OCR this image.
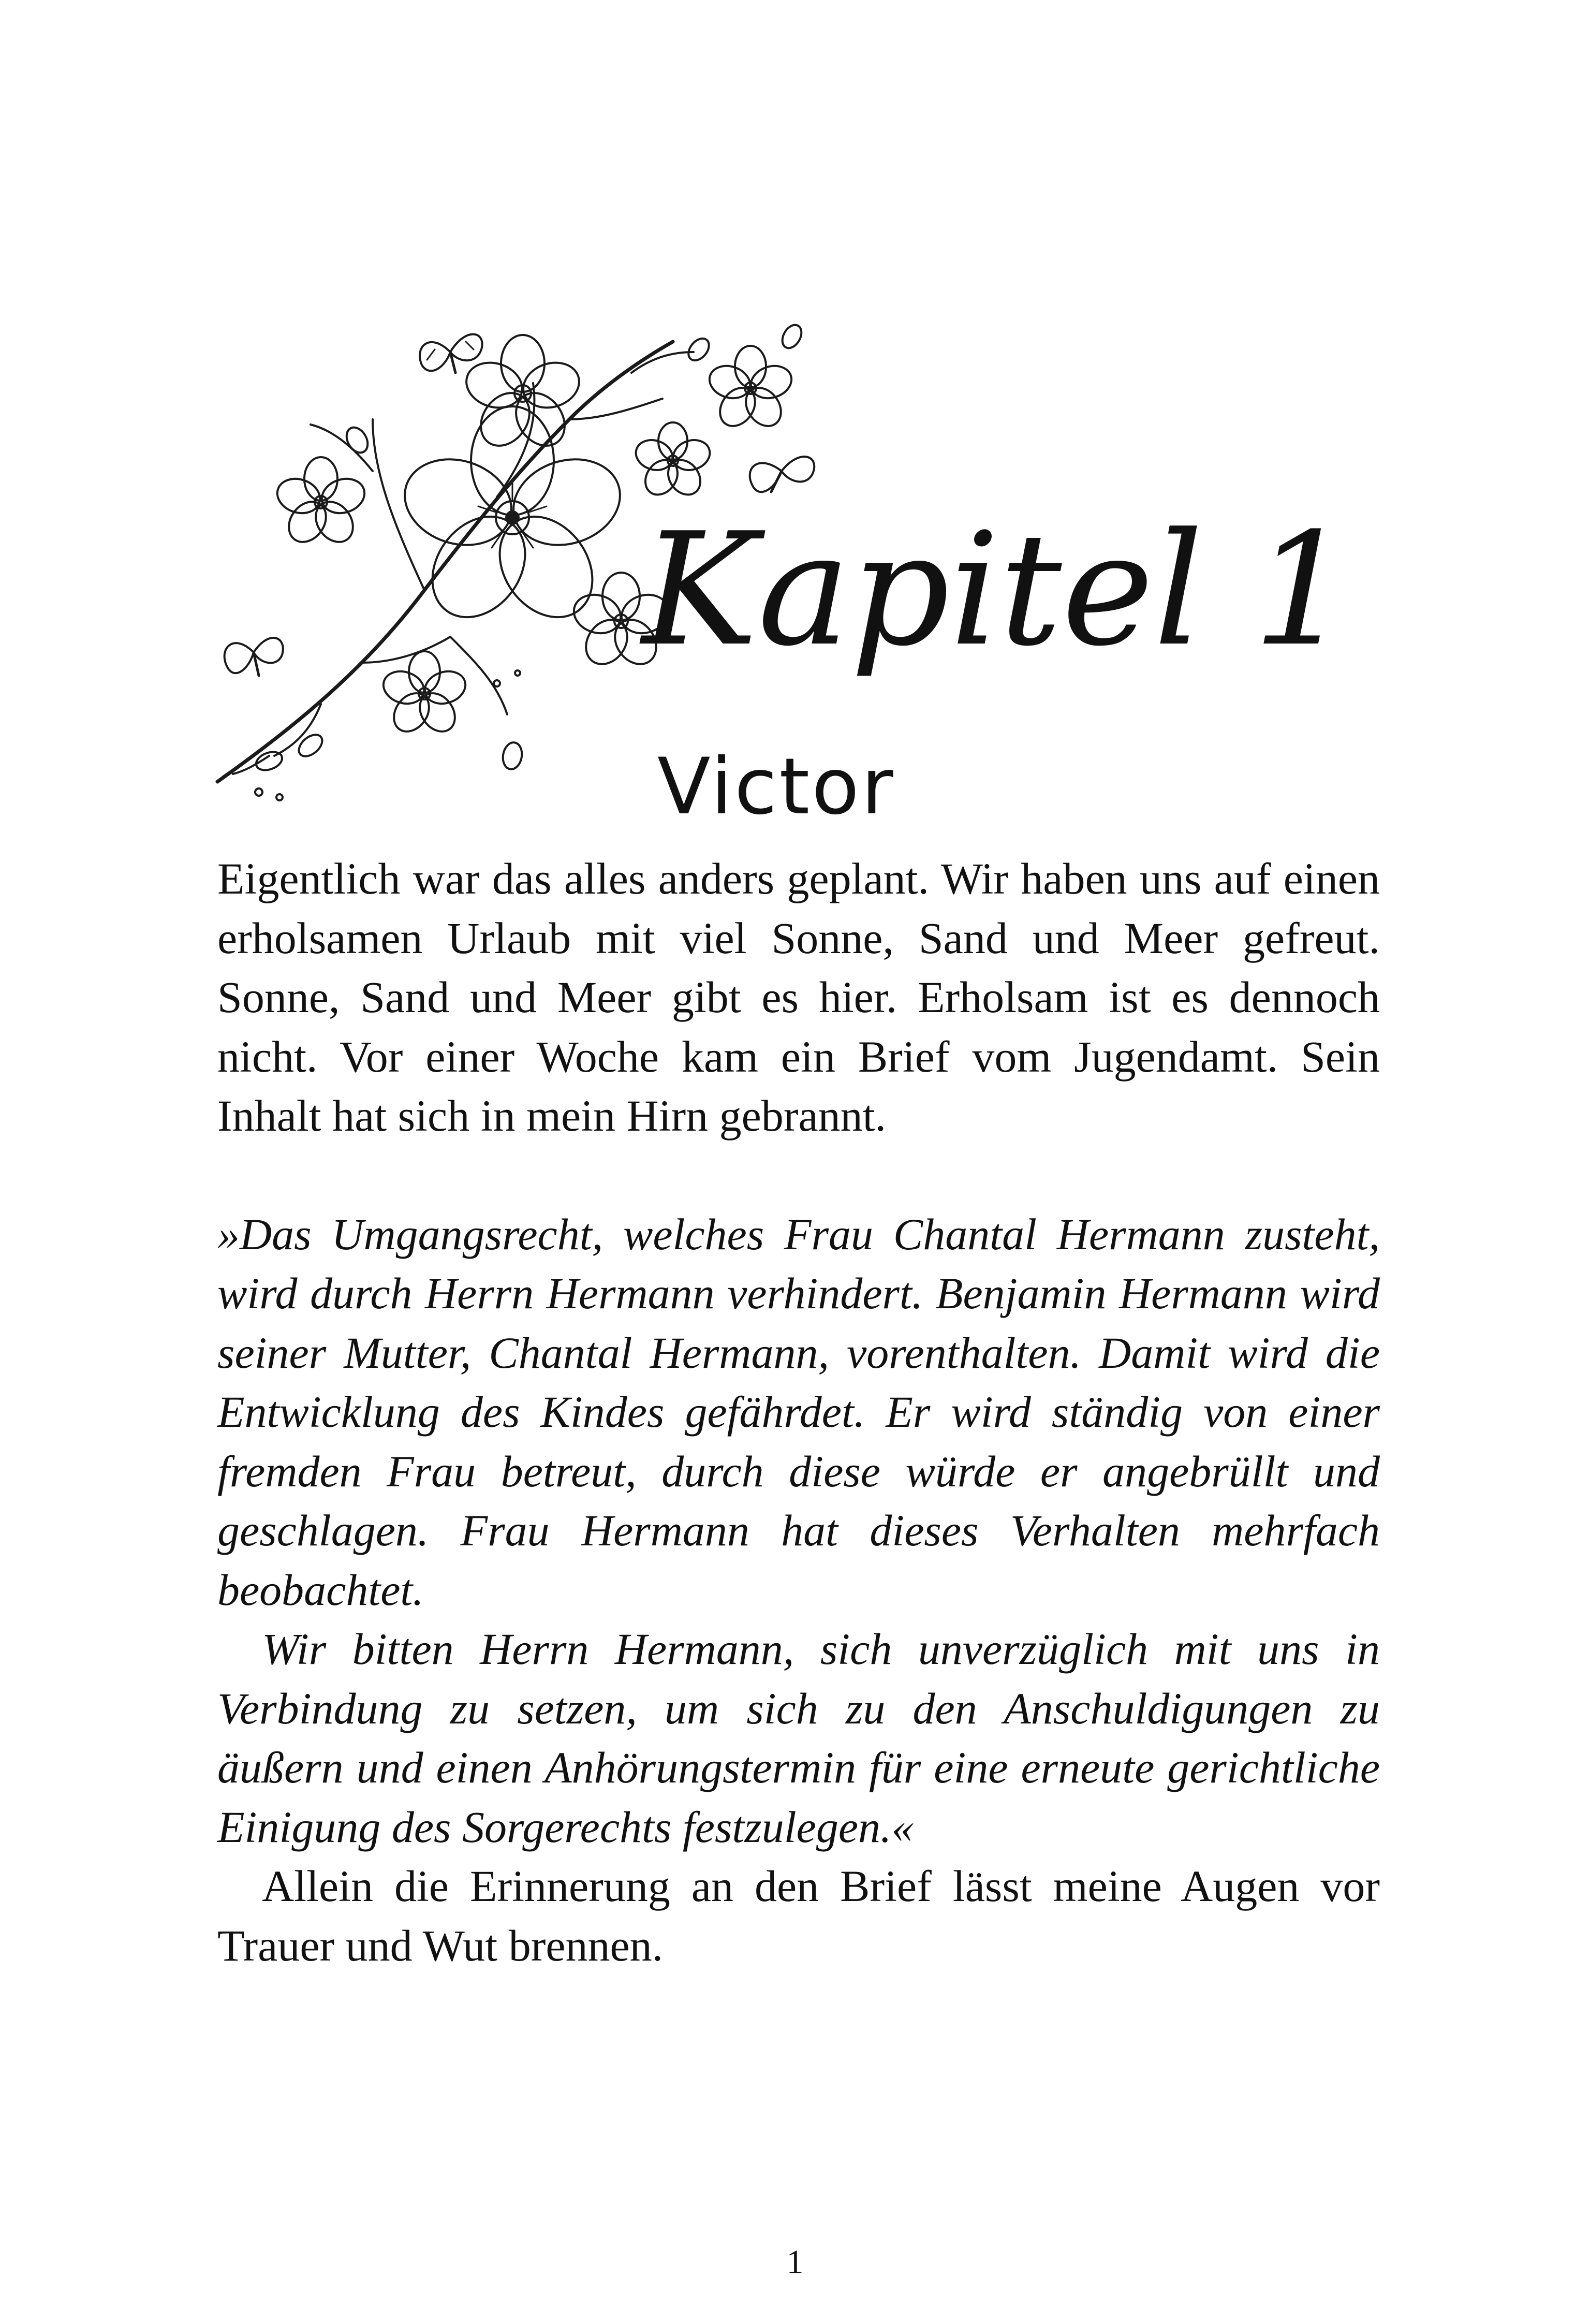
Kapitel 1
Victor

Eigentlich war das alles anders geplant. Wir haben uns auf einen erholsamen Urlaub mit viel Sonne, Sand und Meer gefreut. Sonne, Sand und Meer gibt es hier. Erholsam ist es dennoch nicht. Vor einer Woche kam ein Brief vom Jugendamt. Sein Inhalt hat sich in mein Hirn gebrannt.

»Das Umgangsrecht, welches Frau Chantal Hermann zusteht, wird durch Herrn Hermann verhindert. Benjamin Hermann wird seiner Mutter, Chantal Hermann, vorenthalten. Damit wird die Entwicklung des Kindes gefährdet. Er wird ständig von einer fremden Frau betreut, durch diese würde er angebrüllt und geschlagen. Frau Hermann hat dieses Verhalten mehrfach beobachtet.

Wir bitten Herrn Hermann, sich unverzüglich mit uns in Verbindung zu setzen, um sich zu den Anschuldigungen zu äußern und einen Anhörungstermin für eine erneute gerichtliche Einigung des Sorgerechts festzulegen.«

Allein die Erinnerung an den Brief lässt meine Augen vor Trauer und Wut brennen.

1
